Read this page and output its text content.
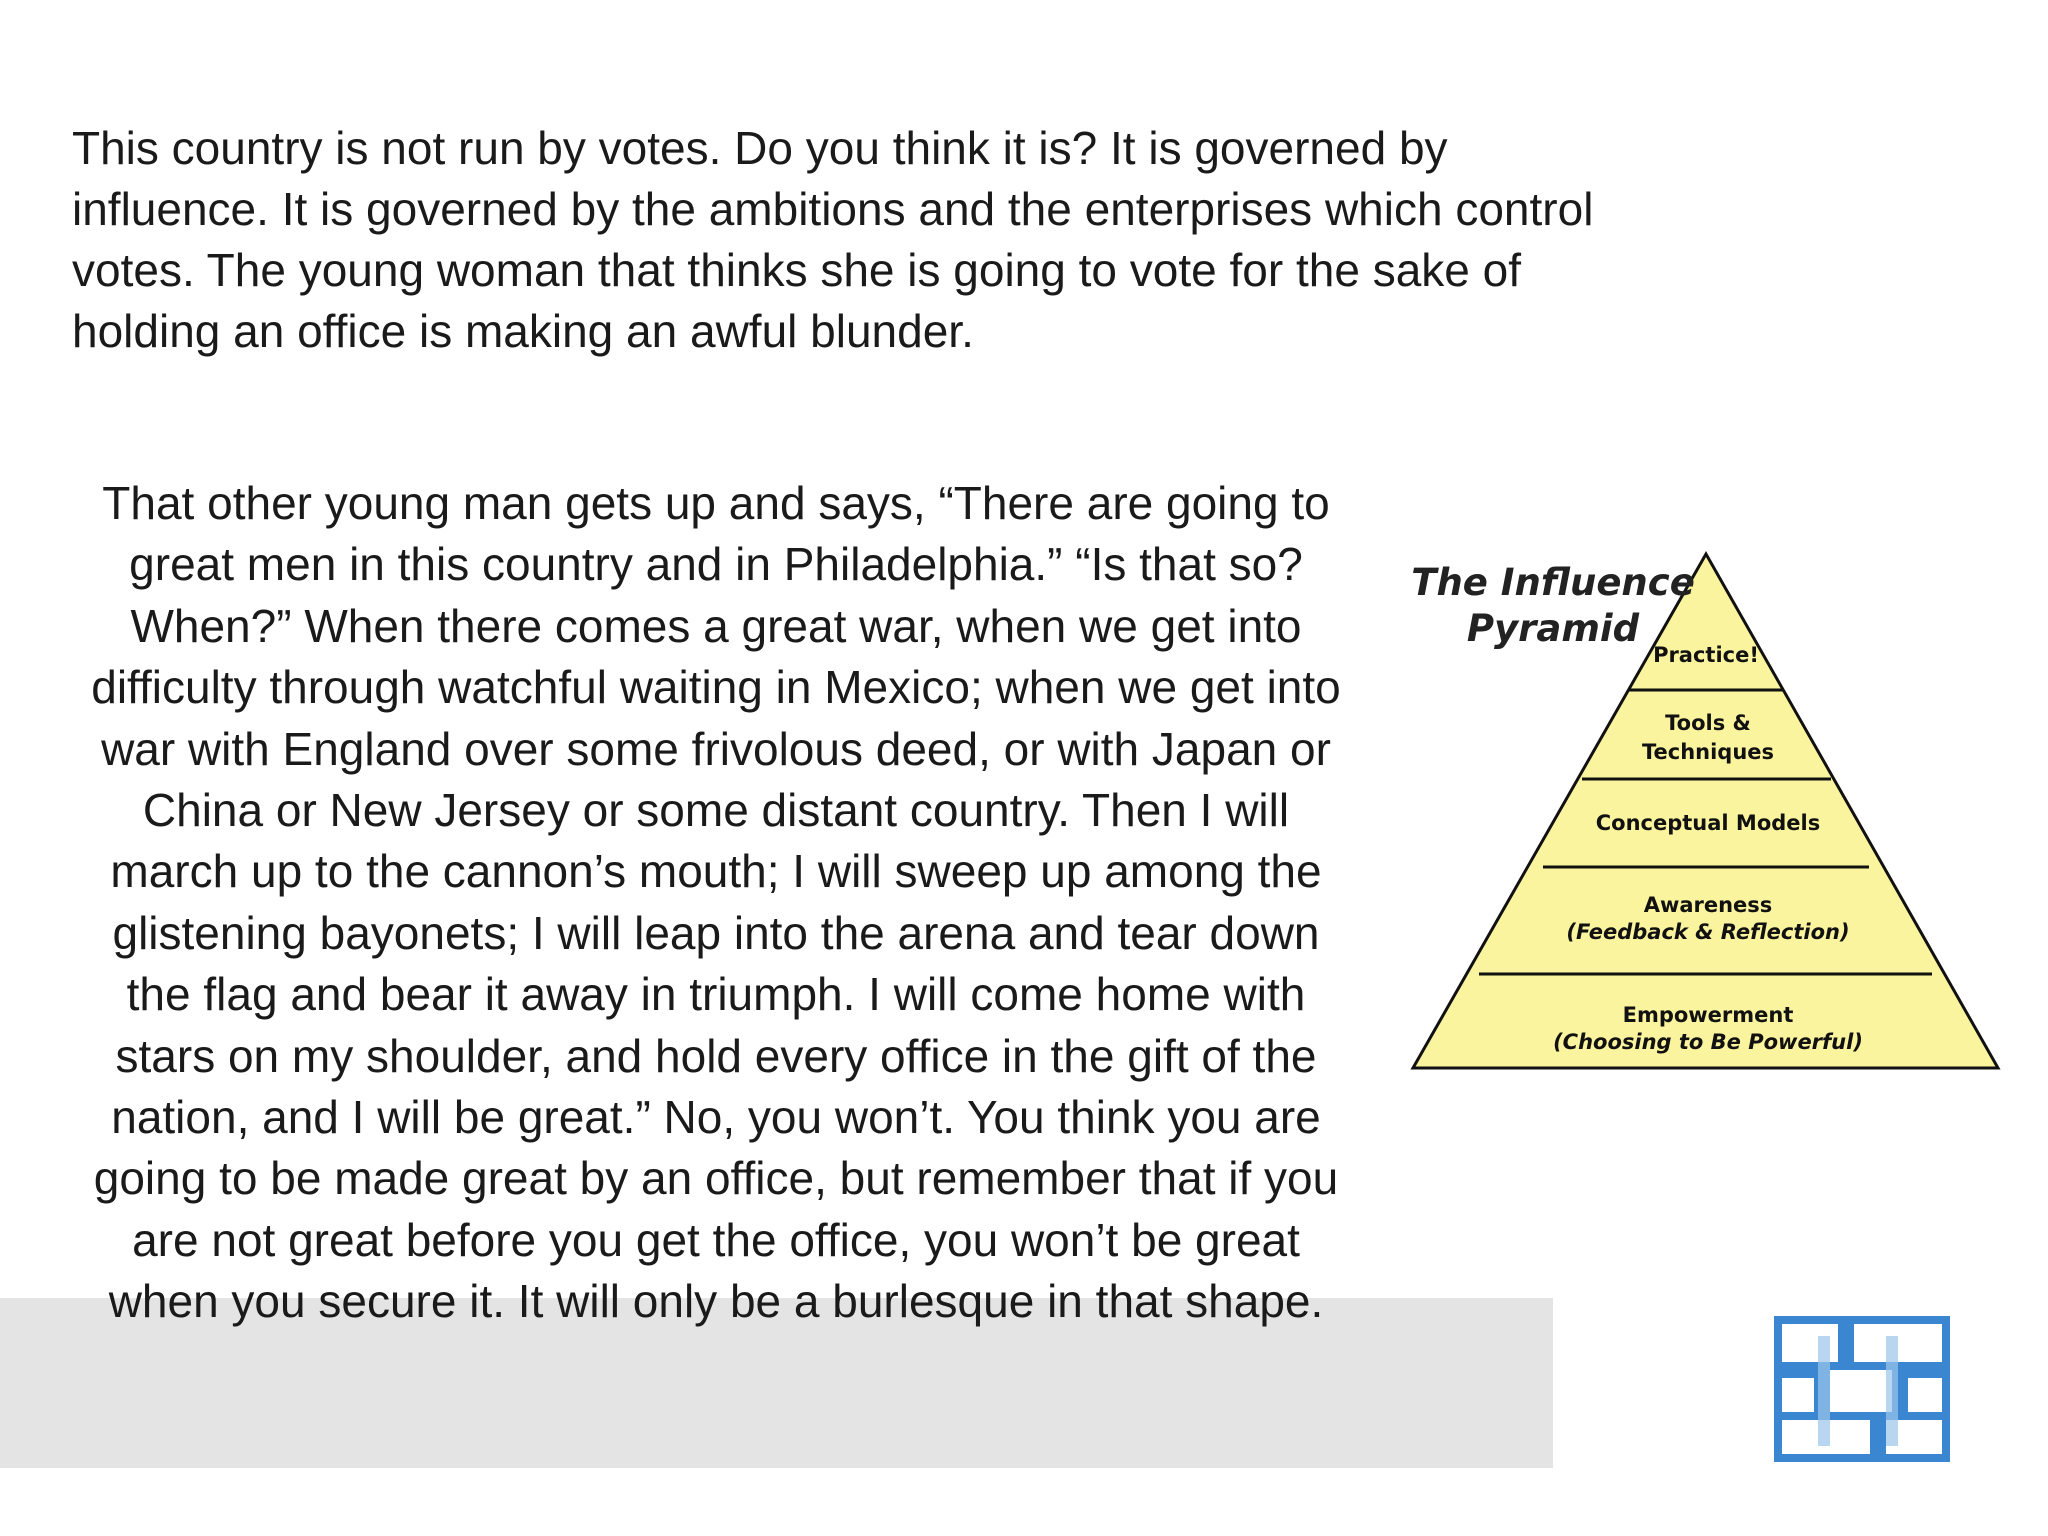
This country is not run by votes. Do you think it is? It is governed by influence. It is governed by the ambitions and the enterprises which control votes. The young woman that thinks she is going to vote for the sake of holding an office is making an awful blunder.

That other young man gets up and says, “There are going to great men in this country and in Philadelphia.” “Is that so? When?” When there comes a great war, when we get into difficulty through watchful waiting in Mexico; when we get into war with England over some frivolous deed, or with Japan or China or New Jersey or some distant country. Then I will march up to the cannon’s mouth; I will sweep up among the glistening bayonets; I will leap into the arena and tear down the flag and bear it away in triumph. I will come home with stars on my shoulder, and hold every office in the gift of the nation, and I will be great.” No, you won’t. You think you are going to be made great by an office, but remember that if you are not great before you get the office, you won’t be great when you secure it. It will only be a burlesque in that shape.

The Influence
Pyramid
Practice!
Tools &
Techniques
Conceptual Models
Awareness
(Feedback & Reflection)
Empowerment
(Choosing to Be Powerful)
